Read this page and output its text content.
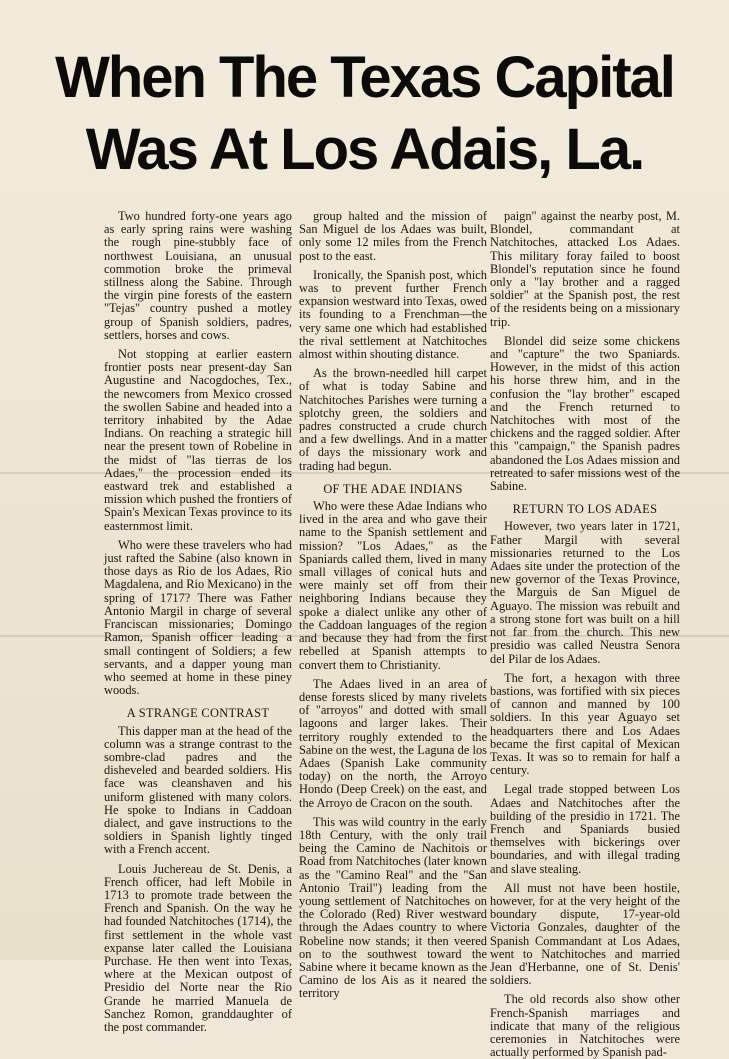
When The Texas Capital
Was At Los Adais, La.

Two hundred forty-one years ago as early spring rains were washing the rough pine-stubbly face of northwest Louisiana, an unusual commotion broke the primeval stillness along the Sabine. Through the virgin pine forests of the eastern "Tejas" country pushed a motley group of Spanish soldiers, padres, settlers, horses and cows.

Not stopping at earlier eastern frontier posts near present-day San Augustine and Nacogdoches, Tex., the newcomers from Mexico crossed the swollen Sabine and headed into a territory inhabited by the Adae Indians. On reaching a strategic hill near the present town of Robeline in the midst of "las tierras de los Adaes," the procession ended its eastward trek and established a mission which pushed the frontiers of Spain's Mexican Texas province to its easternmost limit.

Who were these travelers who had just rafted the Sabine (also known in those days as Rio de los Adaes, Rio Magdalena, and Rio Mexicano) in the spring of 1717? There was Father Antonio Margil in charge of several Franciscan missionaries; Domingo Ramon, Spanish officer leading a small contingent of Soldiers; a few servants, and a dapper young man who seemed at home in these piney woods.

A STRANGE CONTRAST

This dapper man at the head of the column was a strange contrast to the sombre-clad padres and the disheveled and bearded soldiers. His face was cleanshaven and his uniform glistened with many colors. He spoke to Indians in Caddoan dialect, and gave instructions to the soldiers in Spanish lightly tinged with a French accent.

Louis Juchereau de St. Denis, a French officer, had left Mobile in 1713 to promote trade between the French and Spanish. On the way he had founded Natchitoches (1714), the first settlement in the whole vast expanse later called the Louisiana Purchase. He then went into Texas, where at the Mexican outpost of Presidio del Norte near the Rio Grande he married Manuela de Sanchez Romon, granddaughter of the post commander.

group halted and the mission of San Miguel de los Adaes was built, only some 12 miles from the French post to the east.

Ironically, the Spanish post, which was to prevent further French expansion westward into Texas, owed its founding to a Frenchman—the very same one which had established the rival settlement at Natchitoches almost within shouting distance.

As the brown-needled hill carpet of what is today Sabine and Natchitoches Parishes were turning a splotchy green, the soldiers and padres constructed a crude church and a few dwellings. And in a matter of days the missionary work and trading had begun.

OF THE ADAE INDIANS

Who were these Adae Indians who lived in the area and who gave their name to the Spanish settlement and mission? "Los Adaes," as the Spaniards called them, lived in many small villages of conical huts and were mainly set off from their neighboring Indians because they spoke a dialect unlike any other of the Caddoan languages of the region and because they had from the first rebelled at Spanish attempts to convert them to Christianity.

The Adaes lived in an area of dense forests sliced by many rivelets of "arroyos" and dotted with small lagoons and larger lakes. Their territory roughly extended to the Sabine on the west, the Laguna de los Adaes (Spanish Lake community today) on the north, the Arroyo Hondo (Deep Creek) on the east, and the Arroyo de Cracon on the south.

This was wild country in the early 18th Century, with the only trail being the Camino de Nachitois or Road from Natchitoches (later known as the "Camino Real" and the "San Antonio Trail") leading from the young settlement of Natchitoches on the Colorado (Red) River westward through the Adaes country to where Robeline now stands; it then veered on to the southwest toward the Sabine where it became known as the Camino de los Ais as it neared the territory

paign" against the nearby post, M. Blondel, commandant at Natchitoches, attacked Los Adaes. This military foray failed to boost Blondel's reputation since he found only a "lay brother and a ragged soldier" at the Spanish post, the rest of the residents being on a missionary trip.

Blondel did seize some chickens and "capture" the two Spaniards. However, in the midst of this action his horse threw him, and in the confusion the "lay brother" escaped and the French returned to Natchitoches with most of the chickens and the ragged soldier. After this "campaign," the Spanish padres abandoned the Los Adaes mission and retreated to safer missions west of the Sabine.

RETURN TO LOS ADAES

However, two years later in 1721, Father Margil with several missionaries returned to the Los Adaes site under the protection of the new governor of the Texas Province, the Marguis de San Miguel de Aguayo. The mission was rebuilt and a strong stone fort was built on a hill not far from the church. This new presidio was called Neustra Senora del Pilar de los Adaes.

The fort, a hexagon with three bastions, was fortified with six pieces of cannon and manned by 100 soldiers. In this year Aguayo set headquarters there and Los Adaes became the first capital of Mexican Texas. It was so to remain for half a century.

Legal trade stopped between Los Adaes and Natchitoches after the building of the presidio in 1721. The French and Spaniards busied themselves with bickerings over boundaries, and with illegal trading and slave stealing.

All must not have been hostile, however, for at the very height of the boundary dispute, 17-year-old Victoria Gonzales, daughter of the Spanish Commandant at Los Adaes, went to Natchitoches and married Jean d'Herbanne, one of St. Denis' soldiers.

The old records also show other French-Spanish marriages and indicate that many of the religious ceremonies in Natchitoches were actually performed by Spanish pad-
